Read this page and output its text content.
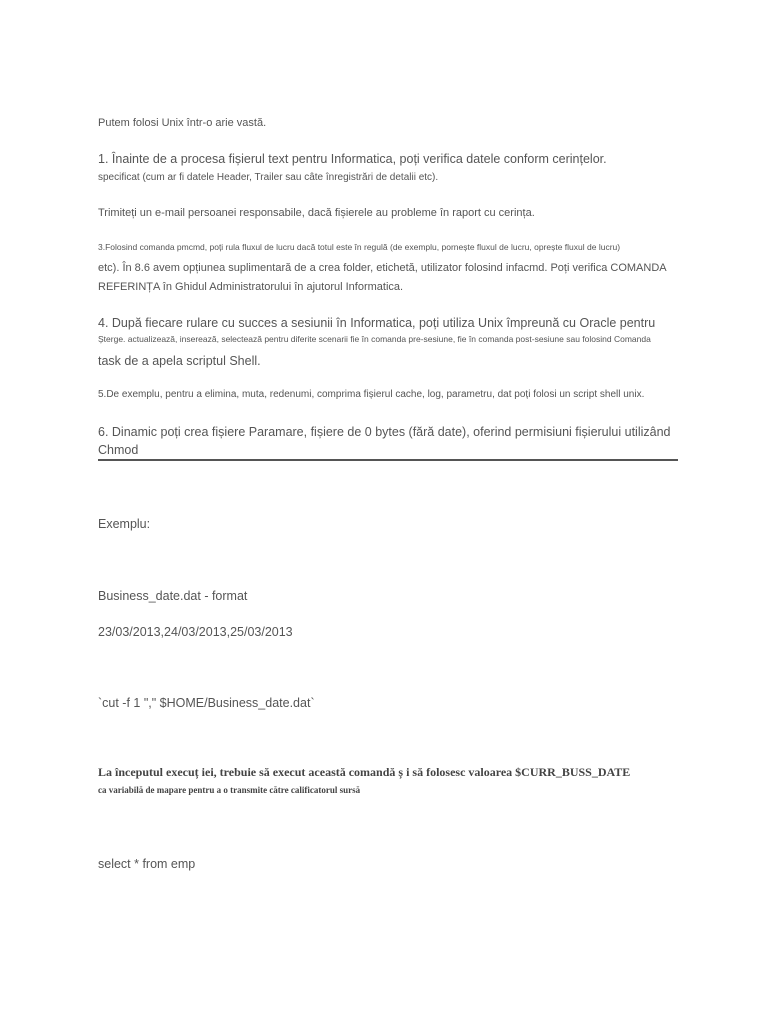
Putem folosi Unix într-o arie vastă.
1. Înainte de a procesa fișierul text pentru Informatica, poți verifica datele conform cerințelor.
specificat (cum ar fi datele Header, Trailer sau câte înregistrări de detalii etc).
Trimiteți un e-mail persoanei responsabile, dacă fișierele au probleme în raport cu cerința.
3.Folosind comanda pmcmd, poți rula fluxul de lucru dacă totul este în regulă (de exemplu, pornește fluxul de lucru, oprește fluxul de lucru)
etc). În 8.6 avem opțiunea suplimentară de a crea folder, etichetă, utilizator folosind infacmd. Poți verifica COMANDA
REFERINȚA în Ghidul Administratorului în ajutorul Informatica.
4. După fiecare rulare cu succes a sesiunii în Informatica, poți utiliza Unix împreună cu Oracle pentru
Șterge. actualizează, inserează, selectează pentru diferite scenarii fie în comanda pre-sesiune, fie în comanda post-sesiune sau folosind Comanda
task de a apela scriptul Shell.
5.De exemplu, pentru a elimina, muta, redenumi, comprima fișierul cache, log, parametru, dat poți folosi un script shell unix.
6. Dinamic poți crea fișiere Paramare, fișiere de 0 bytes (fără date), oferind permisiuni fișierului utilizând
Chmod
Exemplu:
Business_date.dat - format
23/03/2013,24/03/2013,25/03/2013
`cut -f 1 "," $HOME/Business_date.dat`
La începutul execuț iei, trebuie să execut această comandă ș i să folosesc valoarea $CURR_BUSS_DATE
ca variabilă de mapare pentru a o transmite către calificatorul sursă
select * from emp
